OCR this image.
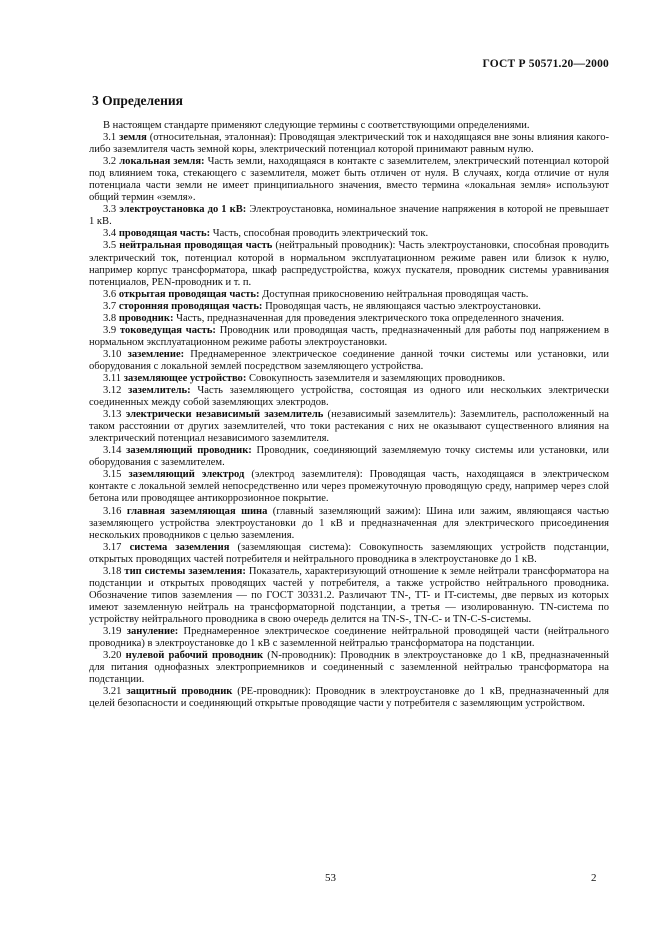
ГОСТ Р 50571.20—2000
3 Определения

В настоящем стандарте применяют следующие термины с соответствующими определениями.

3.1 земля (относительная, эталонная): Проводящая электрический ток и находящаяся вне зоны влияния какого-либо заземлителя часть земной коры, электрический потенциал которой принимают равным нулю.

3.2 локальная земля: Часть земли, находящаяся в контакте с заземлителем, электрический потенциал которой под влиянием тока, стекающего с заземлителя, может быть отличен от нуля. В случаях, когда отличие от нуля потенциала части земли не имеет принципиального значения, вместо термина «локальная земля» используют общий термин «земля».

3.3 электроустановка до 1 кВ: Электроустановка, номинальное значение напряжения в которой не превышает 1 кВ.

3.4 проводящая часть: Часть, способная проводить электрический ток.

3.5 нейтральная проводящая часть (нейтральный проводник): Часть электроустановки, способная проводить электрический ток, потенциал которой в нормальном эксплуатационном режиме равен или близок к нулю, например корпус трансформатора, шкаф распредустройства, кожух пускателя, проводник системы уравнивания потенциалов, PEN-проводник и т. п.

3.6 открытая проводящая часть: Доступная прикосновению нейтральная проводящая часть.

3.7 сторонняя проводящая часть: Проводящая часть, не являющаяся частью электроустановки.

3.8 проводник: Часть, предназначенная для проведения электрического тока определенного значения.

3.9 токоведущая часть: Проводник или проводящая часть, предназначенный для работы под напряжением в нормальном эксплуатационном режиме работы электроустановки.

3.10 заземление: Преднамеренное электрическое соединение данной точки системы или установки, или оборудования с локальной землей посредством заземляющего устройства.

3.11 заземляющее устройство: Совокупность заземлителя и заземляющих проводников.

3.12 заземлитель: Часть заземляющего устройства, состоящая из одного или нескольких электрически соединенных между собой заземляющих электродов.

3.13 электрически независимый заземлитель (независимый заземлитель): Заземлитель, расположенный на таком расстоянии от других заземлителей, что токи растекания с них не оказывают существенного влияния на электрический потенциал независимого заземлителя.

3.14 заземляющий проводник: Проводник, соединяющий заземляемую точку системы или установки, или оборудования с заземлителем.

3.15 заземляющий электрод (электрод заземлителя): Проводящая часть, находящаяся в электрическом контакте с локальной землей непосредственно или через промежуточную проводящую среду, например через слой бетона или проводящее антикоррозионное покрытие.

3.16 главная заземляющая шина (главный заземляющий зажим): Шина или зажим, являющаяся частью заземляющего устройства электроустановки до 1 кВ и предназначенная для электрического присоединения нескольких проводников с целью заземления.

3.17 система заземления (заземляющая система): Совокупность заземляющих устройств подстанции, открытых проводящих частей потребителя и нейтрального проводника в электроустановке до 1 кВ.

3.18 тип системы заземления: Показатель, характеризующий отношение к земле нейтрали трансформатора на подстанции и открытых проводящих частей у потребителя, а также устройство нейтрального проводника. Обозначение типов заземления — по ГОСТ 30331.2. Различают TN-, TT- и IT-системы, две первых из которых имеют заземленную нейтраль на трансформаторной подстанции, а третья — изолированную. TN-система по устройству нейтрального проводника в свою очередь делится на TN-S-, TN-C- и TN-C-S-системы.

3.19 зануление: Преднамеренное электрическое соединение нейтральной проводящей части (нейтрального проводника) в электроустановке до 1 кВ с заземленной нейтралью трансформатора на подстанции.

3.20 нулевой рабочий проводник (N-проводник): Проводник в электроустановке до 1 кВ, предназначенный для питания однофазных электроприемников и соединенный с заземленной нейтралью трансформатора на подстанции.

3.21 защитный проводник (PE-проводник): Проводник в электроустановке до 1 кВ, предназначенный для целей безопасности и соединяющий открытые проводящие части у потребителя с заземляющим устройством.

53	2
